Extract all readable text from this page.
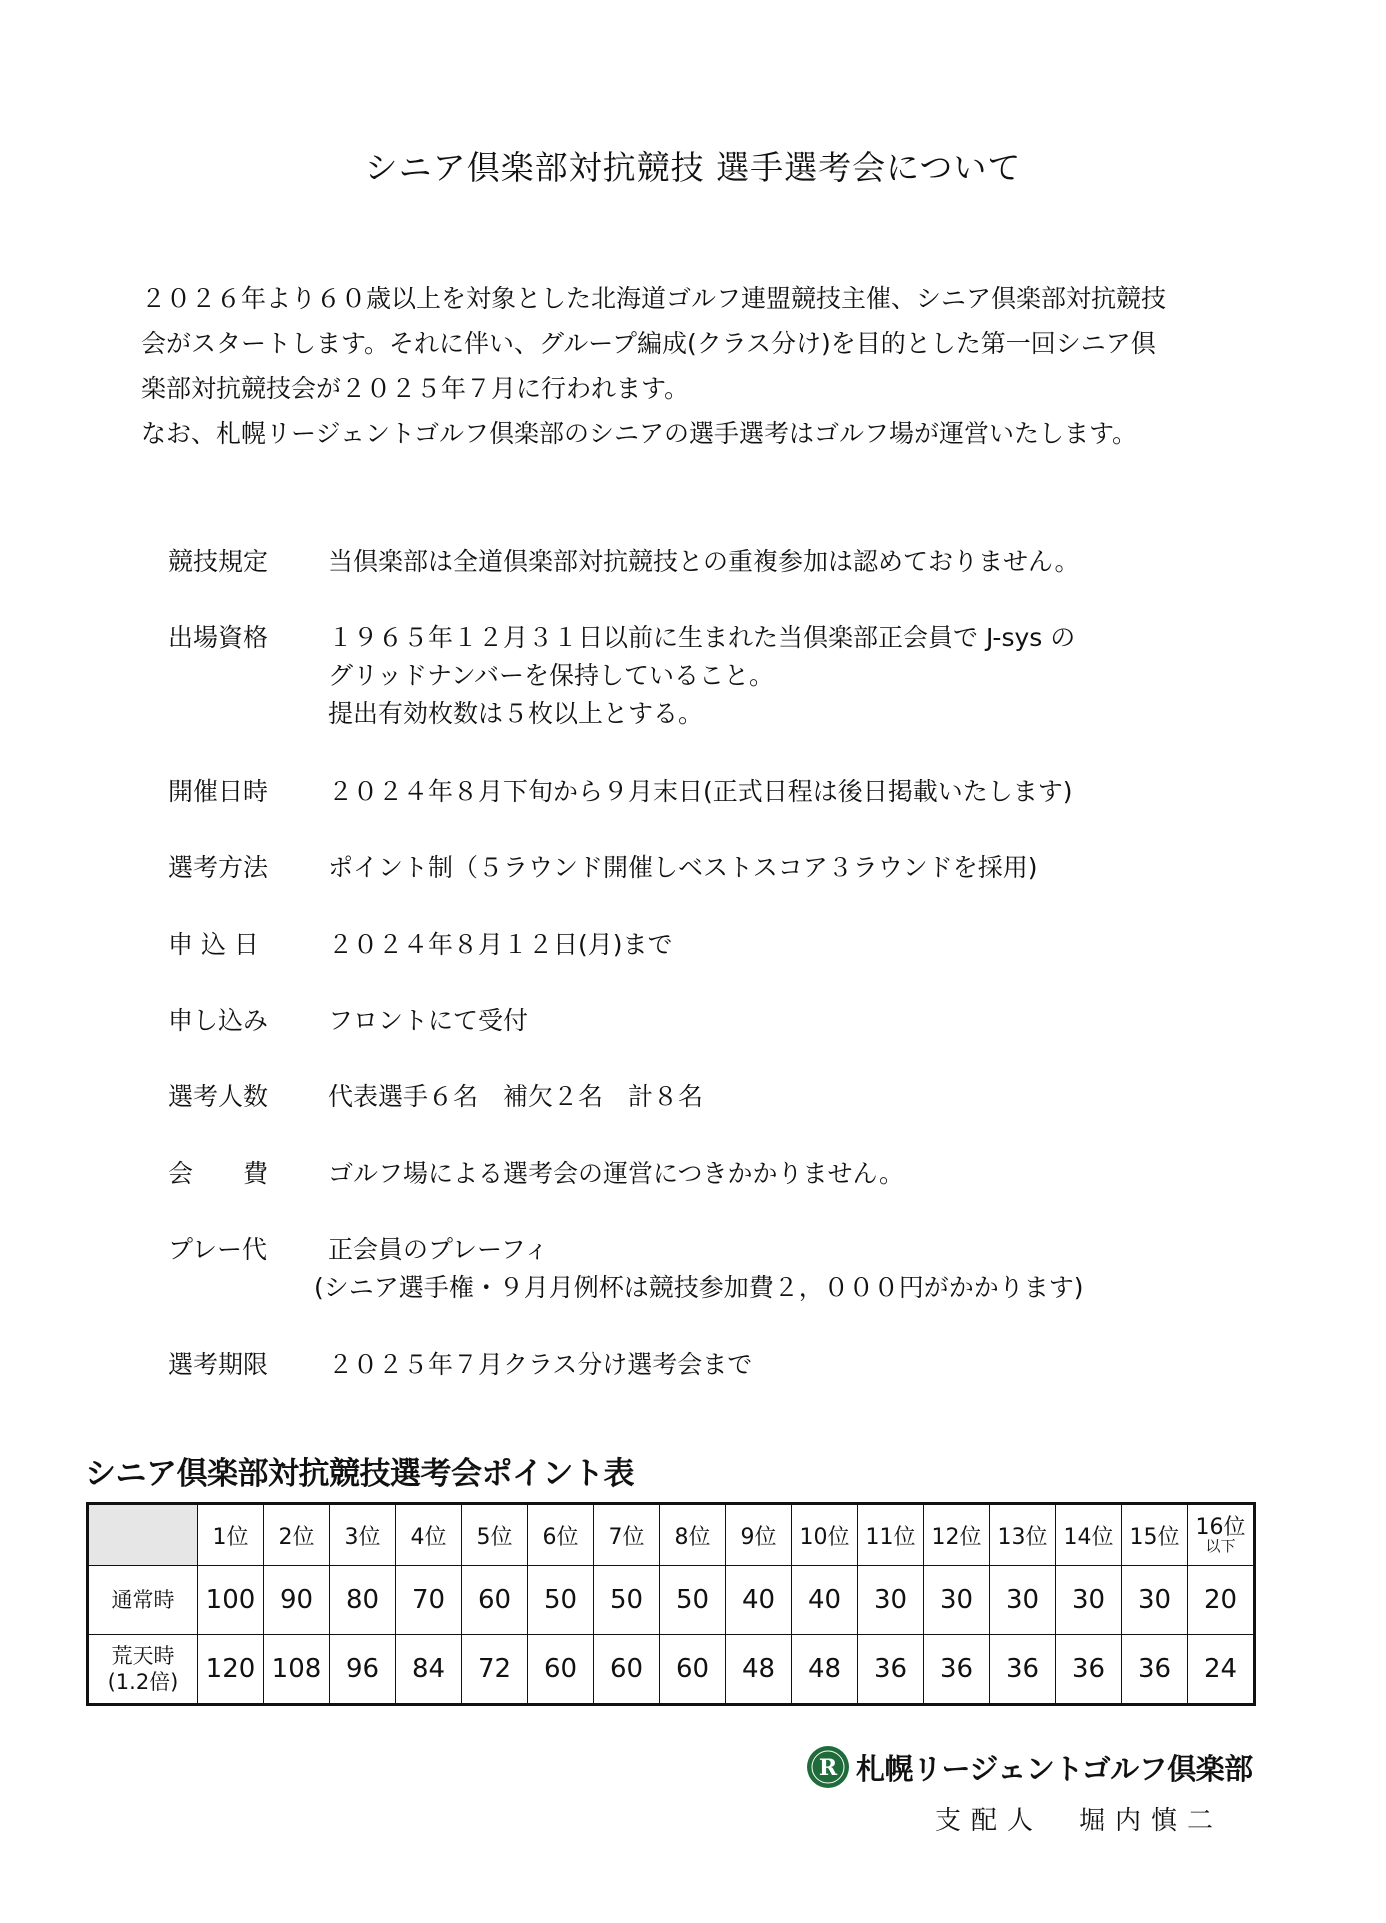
シニア倶楽部対抗競技 選手選考会について
２０２６年より６０歳以上を対象とした北海道ゴルフ連盟競技主催、シニア倶楽部対抗競技
会がスタートします。それに伴い、グループ編成(クラス分け)を目的とした第一回シニア倶
楽部対抗競技会が２０２５年７月に行われます。
なお、札幌リージェントゴルフ倶楽部のシニアの選手選考はゴルフ場が運営いたします。
競技規定	当倶楽部は全道倶楽部対抗競技との重複参加は認めておりません。
出場資格	１９６５年１２月３１日以前に生まれた当倶楽部正会員で J-sys の
グリッドナンバーを保持していること。
提出有効枚数は５枚以上とする。
開催日時	２０２４年８月下旬から９月末日(正式日程は後日掲載いたします)
選考方法	ポイント制（５ラウンド開催しベストスコア３ラウンドを採用)
申 込 日	２０２４年８月１２日(月)まで
申し込み	フロントにて受付
選考人数	代表選手６名　補欠２名　計８名
会　　費	ゴルフ場による選考会の運営につきかかりません。
プレー代	正会員のプレーフィ
(シニア選手権・９月月例杯は競技参加費２，０００円がかかります)
選考期限	２０２５年７月クラス分け選考会まで
シニア倶楽部対抗競技選考会ポイント表
	1位	2位	3位	4位	5位	6位	7位	8位	9位	10位	11位	12位	13位	14位	15位	16位
以下

通常時	100	90	80	70	60	50	50	50	40	40	30	30	30	30	30	20

荒天時
(1.2倍)	120	108	96	84	72	60	60	60	48	48	36	36	36	36	36	24
R 札幌リージェントゴルフ倶楽部
支配人　堀内慎二
